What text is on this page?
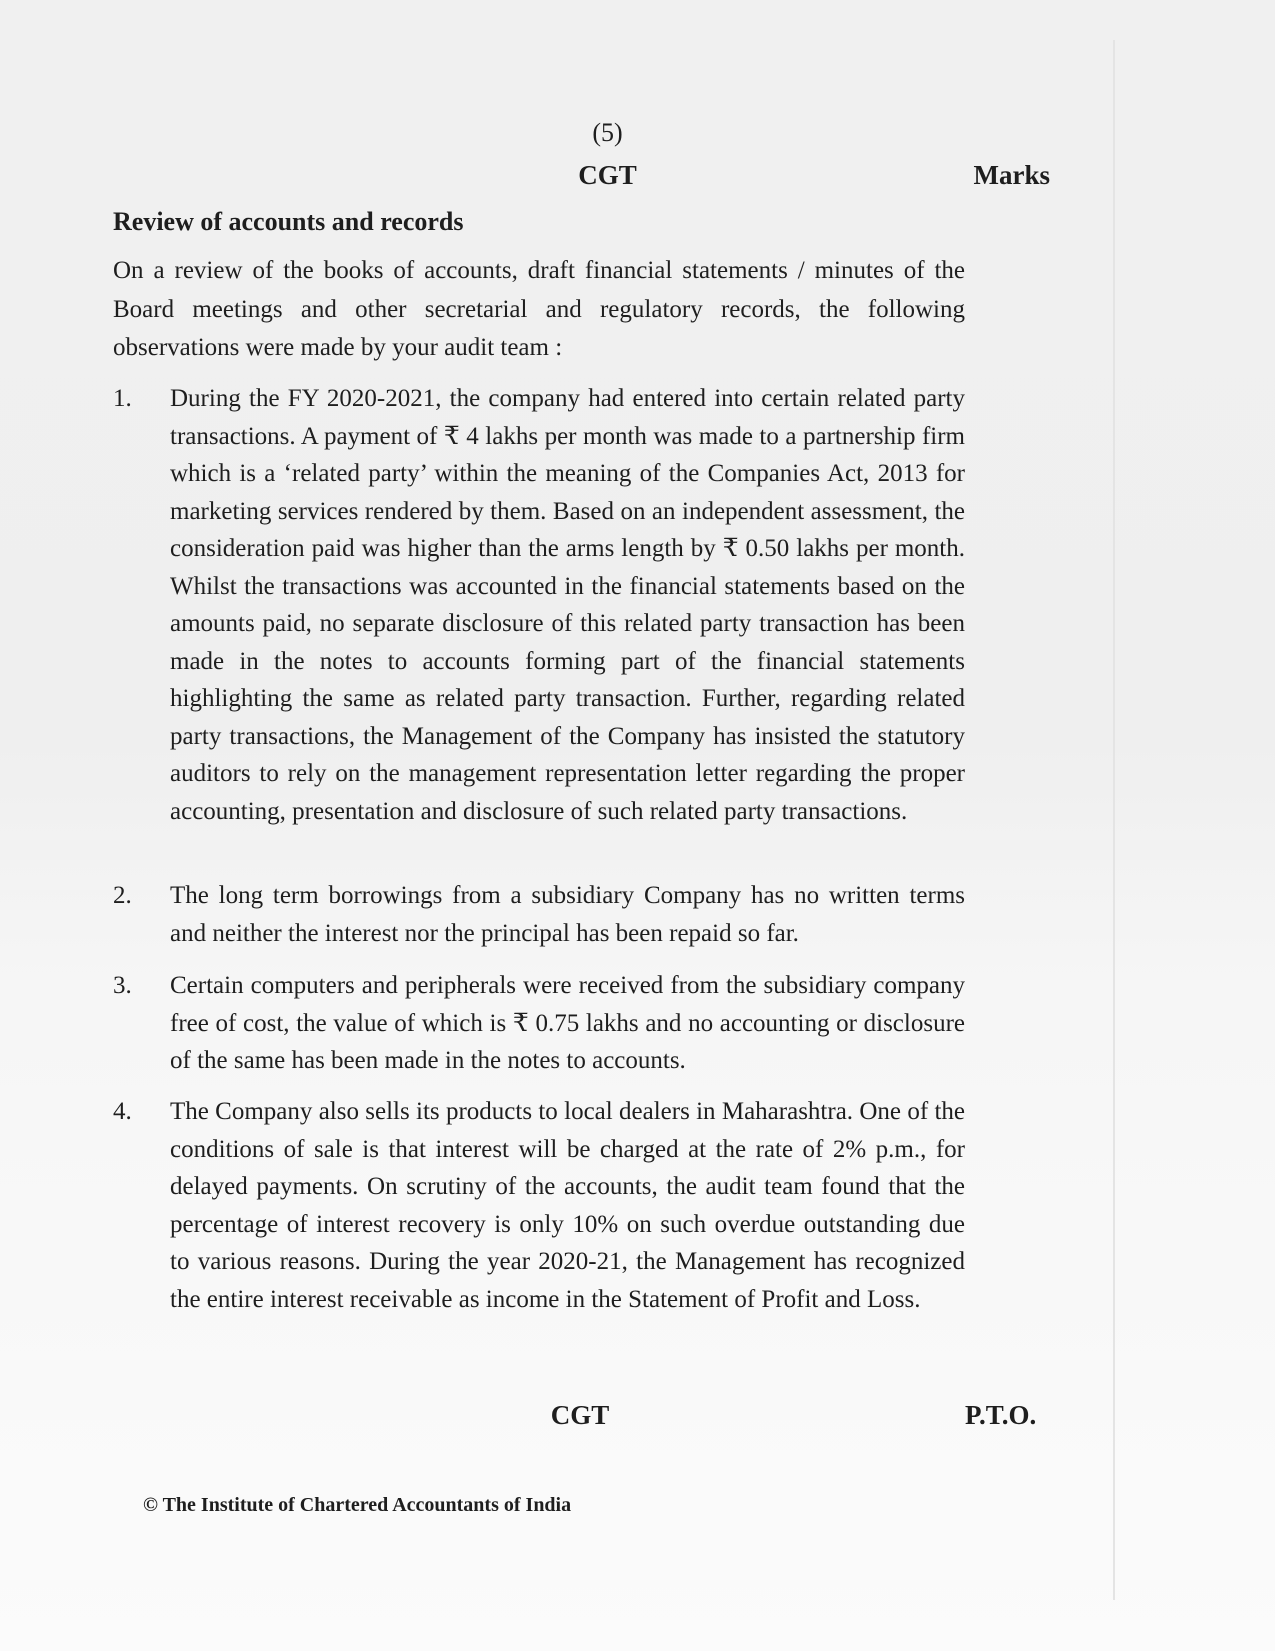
(5)
CGT	Marks
Review of accounts and records
On a review of the books of accounts, draft financial statements / minutes of the Board meetings and other secretarial and regulatory records, the following observations were made by your audit team :
1. During the FY 2020-2021, the company had entered into certain related party transactions. A payment of ₹ 4 lakhs per month was made to a partnership firm which is a ‘related party’ within the meaning of the Companies Act, 2013 for marketing services rendered by them. Based on an independent assessment, the consideration paid was higher than the arms length by ₹ 0.50 lakhs per month. Whilst the transactions was accounted in the financial statements based on the amounts paid, no separate disclosure of this related party transaction has been made in the notes to accounts forming part of the financial statements highlighting the same as related party transaction. Further, regarding related party transactions, the Management of the Company has insisted the statutory auditors to rely on the management representation letter regarding the proper accounting, presentation and disclosure of such related party transactions.
2. The long term borrowings from a subsidiary Company has no written terms and neither the interest nor the principal has been repaid so far.
3. Certain computers and peripherals were received from the subsidiary company free of cost, the value of which is ₹ 0.75 lakhs and no accounting or disclosure of the same has been made in the notes to accounts.
4. The Company also sells its products to local dealers in Maharashtra. One of the conditions of sale is that interest will be charged at the rate of 2% p.m., for delayed payments. On scrutiny of the accounts, the audit team found that the percentage of interest recovery is only 10% on such overdue outstanding due to various reasons. During the year 2020-21, the Management has recognized the entire interest receivable as income in the Statement of Profit and Loss.
CGT	P.T.O.
© The Institute of Chartered Accountants of India
